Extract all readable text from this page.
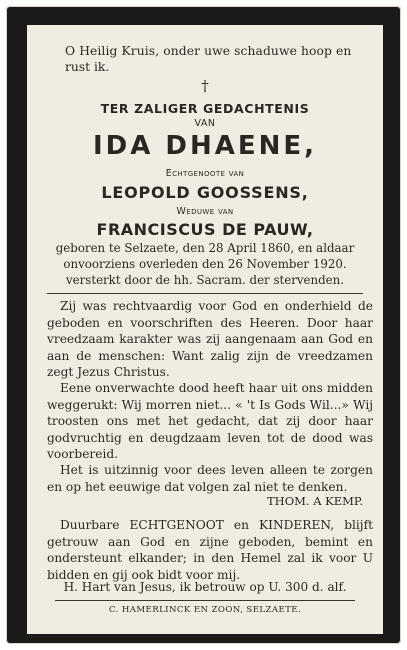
O Heilig Kruis, onder uwe schaduwe hoop en
rust ik.
†
TER ZALIGER GEDACHTENIS
VAN
IDA DHAENE,
Echtgenoote van
LEOPOLD GOOSSENS,
Weduwe van
FRANCISCUS DE PAUW,
geboren te Selzaete, den 28 April 1860, en aldaar
onvoorziens overleden den 26 November 1920.
versterkt door de hh. Sacram. der stervenden.
Zij was rechtvaardig voor God en onderhield de geboden en voorschriften des Heeren. Door haar vreedzaam karakter was zij aangenaam aan God en aan de menschen: Want zalig zijn de vreedzamen zegt Jezus Christus.
Eene onverwachte dood heeft haar uit ons midden weggerukt: Wij morren niet... « 't Is Gods Wil...» Wij troosten ons met het gedacht, dat zij door haar godvruchtig en deugdzaam leven tot de dood was voorbereid.
Het is uitzinnig voor dees leven alleen te zorgen en op het eeuwige dat volgen zal niet te denken.
THOM. A KEMP.
Duurbare ECHTGENOOT en KINDEREN, blijft getrouw aan God en zijne geboden, bemint en ondersteunt elkander; in den Hemel zal ik voor U bidden en gij ook bidt voor mij.
H. Hart van Jesus, ik betrouw op U. 300 d. alf.
C. HAMERLINCK EN ZOON, SELZAETE.
